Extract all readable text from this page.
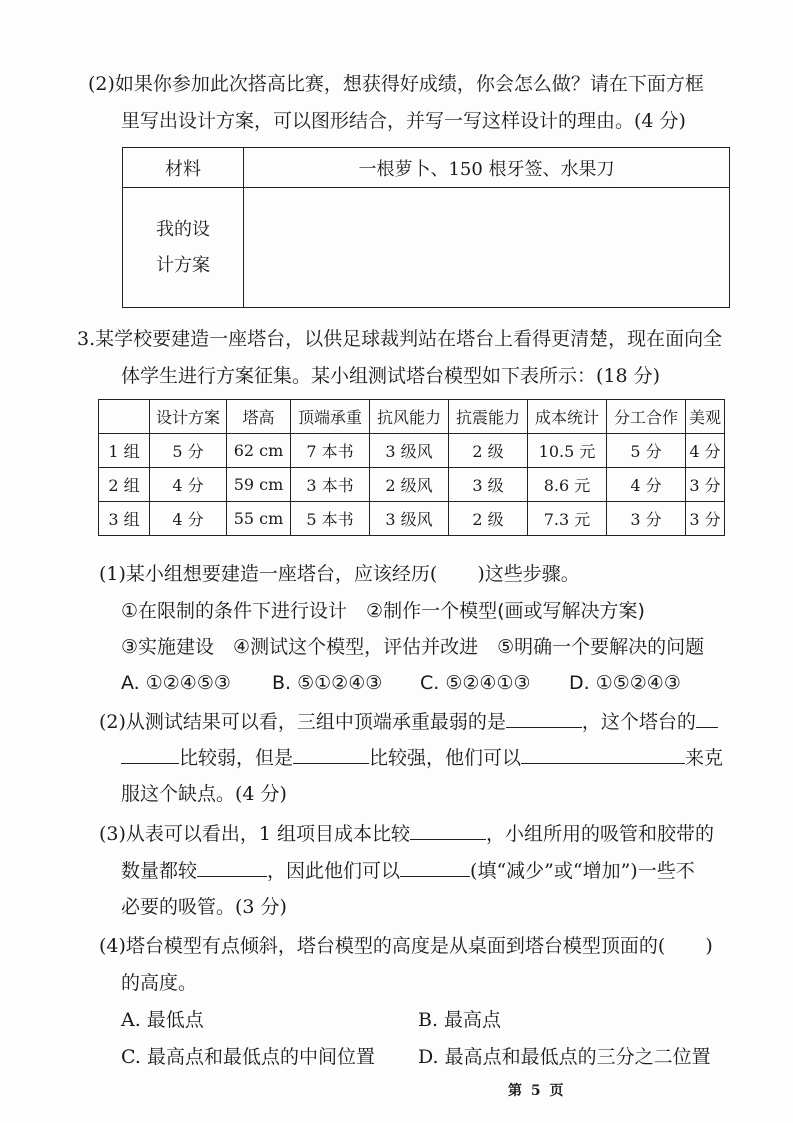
(2)如果你参加此次搭高比赛，想获得好成绩，你会怎么做？请在下面方框
里写出设计方案，可以图形结合，并写一写这样设计的理由。(4 分)
材料	一根萝卜、150 根牙签、水果刀
我的设
计方案	
3.某学校要建造一座塔台，以供足球裁判站在塔台上看得更清楚，现在面向全
体学生进行方案征集。某小组测试塔台模型如下表所示：(18 分)
	设计方案	塔高	顶端承重	抗风能力	抗震能力	成本统计	分工合作	美观
1 组	5 分	62 cm	7 本书	3 级风	2 级	10.5 元	5 分	4 分
2 组	4 分	59 cm	3 本书	2 级风	3 级	8.6 元	4 分	3 分
3 组	4 分	55 cm	5 本书	3 级风	2 级	7.3 元	3 分	3 分
(1)某小组想要建造一座塔台，应该经历( )这些步骤。
①在限制的条件下进行设计　②制作一个模型(画或写解决方案)
③实施建设　④测试这个模型，评估并改进　⑤明确一个要解决的问题
A. ①②④⑤③ B. ⑤①②④③ C. ⑤②④①③ D. ①⑤②④③
(2)从测试结果可以看，三组中顶端承重最弱的是	，这个塔台的
比较弱，但是	比较强，他们可以	来克
服这个缺点。(4 分)
(3)从表可以看出，1 组项目成本比较	，小组所用的吸管和胶带的
数量都较	，因此他们可以	(填“减少”或“增加”)一些不
必要的吸管。(3 分)
(4)塔台模型有点倾斜，塔台模型的高度是从桌面到塔台模型顶面的( )
的高度。
A. 最低点	B. 最高点
C. 最高点和最低点的中间位置 D. 最高点和最低点的三分之二位置
第 5 页
